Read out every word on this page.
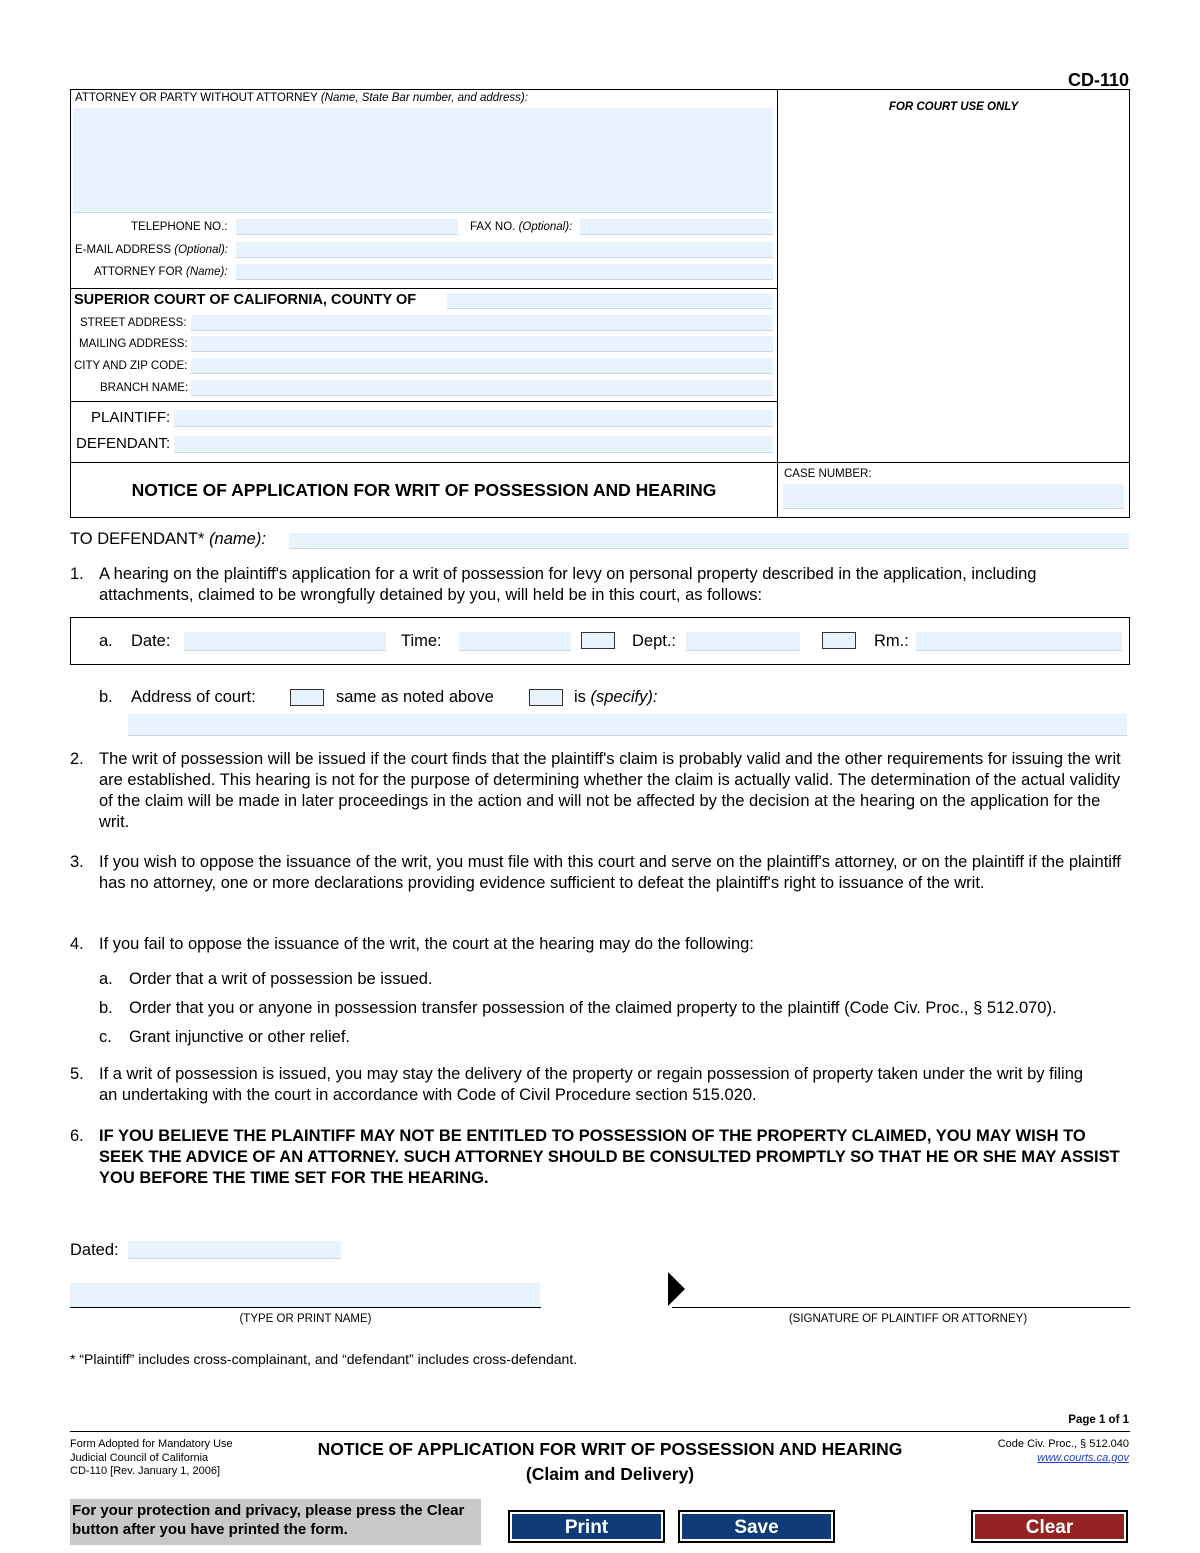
CD-110
ATTORNEY OR PARTY WITHOUT ATTORNEY (Name, State Bar number, and address):
TELEPHONE NO.:	FAX NO. (Optional):
E-MAIL ADDRESS (Optional):
ATTORNEY FOR (Name):
FOR COURT USE ONLY
SUPERIOR COURT OF CALIFORNIA, COUNTY OF
STREET ADDRESS:
MAILING ADDRESS:
CITY AND ZIP CODE:
BRANCH NAME:
PLAINTIFF:
DEFENDANT:
NOTICE OF APPLICATION FOR WRIT OF POSSESSION AND HEARING
CASE NUMBER:
TO DEFENDANT* (name):
1. A hearing on the plaintiff's application for a writ of possession for levy on personal property described in the application, including attachments, claimed to be wrongfully detained by you, will held be in this court, as follows:
a. Date:	Time:	Dept.:	Rm.:
b. Address of court:	same as noted above	is (specify):
2. The writ of possession will be issued if the court finds that the plaintiff's claim is probably valid and the other requirements for issuing the writ are established. This hearing is not for the purpose of determining whether the claim is actually valid. The determination of the actual validity of the claim will be made in later proceedings in the action and will not be affected by the decision at the hearing on the application for the writ.
3. If you wish to oppose the issuance of the writ, you must file with this court and serve on the plaintiff's attorney, or on the plaintiff if the plaintiff has no attorney, one or more declarations providing evidence sufficient to defeat the plaintiff's right to issuance of the writ.
4. If you fail to oppose the issuance of the writ, the court at the hearing may do the following:
a. Order that a writ of possession be issued.
b. Order that you or anyone in possession transfer possession of the claimed property to the plaintiff (Code Civ. Proc., § 512.070).
c. Grant injunctive or other relief.
5. If a writ of possession is issued, you may stay the delivery of the property or regain possession of property taken under the writ by filing an undertaking with the court in accordance with Code of Civil Procedure section 515.020.
6. IF YOU BELIEVE THE PLAINTIFF MAY NOT BE ENTITLED TO POSSESSION OF THE PROPERTY CLAIMED, YOU MAY WISH TO SEEK THE ADVICE OF AN ATTORNEY. SUCH ATTORNEY SHOULD BE CONSULTED PROMPTLY SO THAT HE OR SHE MAY ASSIST YOU BEFORE THE TIME SET FOR THE HEARING.
Dated:
(TYPE OR PRINT NAME)	(SIGNATURE OF PLAINTIFF OR ATTORNEY)
* “Plaintiff” includes cross-complainant, and “defendant” includes cross-defendant.
Page 1 of 1
Form Adopted for Mandatory Use
Judicial Council of California
CD-110 [Rev. January 1, 2006]
NOTICE OF APPLICATION FOR WRIT OF POSSESSION AND HEARING
(Claim and Delivery)
Code Civ. Proc., § 512.040
www.courts.ca.gov
For your protection and privacy, please press the Clear button after you have printed the form.	Print	Save	Clear
